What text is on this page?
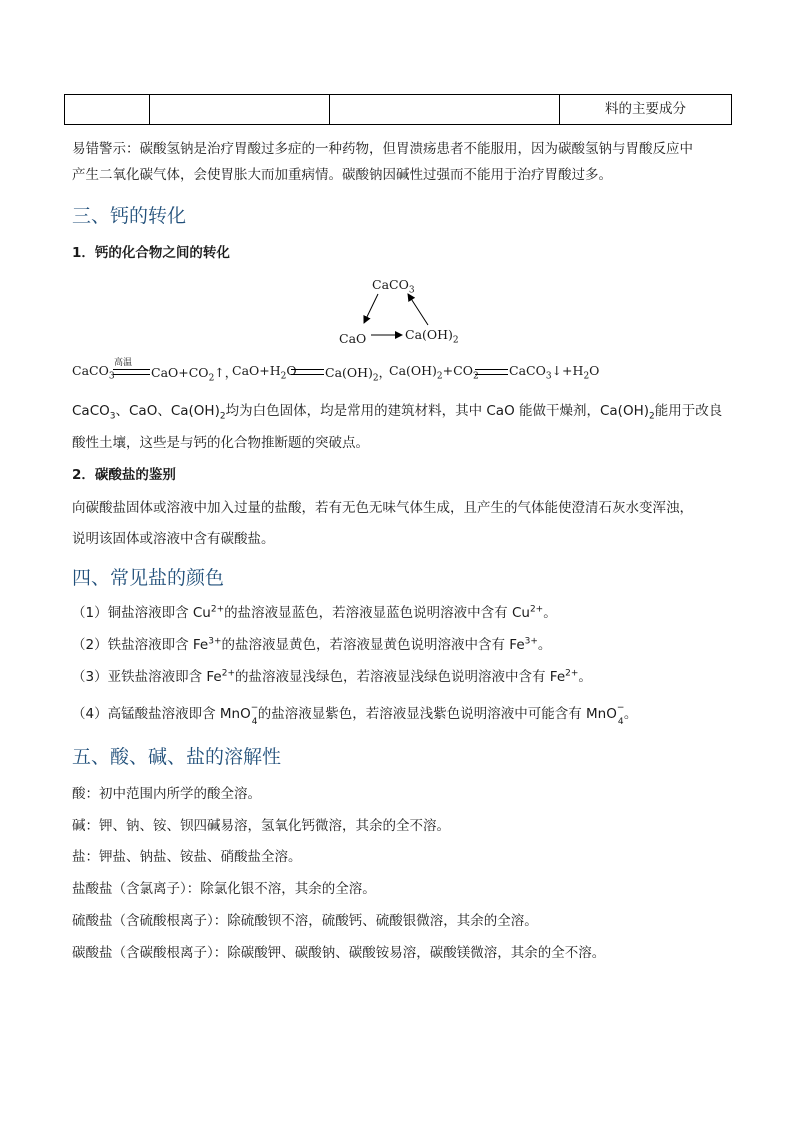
			料的主要成分
易错警示：碳酸氢钠是治疗胃酸过多症的一种药物，但胃溃疡患者不能服用，因为碳酸氢钠与胃酸反应中
产生二氧化碳气体，会使胃胀大而加重病情。碳酸钠因碱性过强而不能用于治疗胃酸过多。
三、钙的转化
1．钙的化合物之间的转化
CaCO$_3$
CaO	$Ca(OH)_2$
CaCO$_3$
高温
$CaO+CO_2↑$，
$CaO+H_2O$ $Ca(OH)_2$，
$Ca(OH)_2+CO_2$ $CaCO_3↓+H_2O$
CaCO$_3$、CaO、$Ca(OH)_2$均为白色固体，均是常用的建筑材料，其中 CaO 能做干燥剂，$Ca(OH)_2$能用于改良
酸性土壤，这些是与钙的化合物推断题的突破点。
2．碳酸盐的鉴别
向碳酸盐固体或溶液中加入过量的盐酸，若有无色无味气体生成，且产生的气体能使澄清石灰水变浑浊，
说明该固体或溶液中含有碳酸盐。
四、常见盐的颜色
（1）铜盐溶液即含 $Cu^{2+}$的盐溶液显蓝色，若溶液显蓝色说明溶液中含有 $Cu^{2+}$。
（2）铁盐溶液即含 $Fe^{3+}$的盐溶液显黄色，若溶液显黄色说明溶液中含有 $Fe^{3+}$。
（3）亚铁盐溶液即含 $Fe^{2+}$的盐溶液显浅绿色，若溶液显浅绿色说明溶液中含有 $Fe^{2+}$。
（4）高锰酸盐溶液即含 MnO −
4 的盐溶液显紫色，若溶液显浅紫色说明溶液中可能含有 MnO −
4 。
五、酸、碱、盐的溶解性
酸：初中范围内所学的酸全溶。
碱：钾、钠、铵、钡四碱易溶，氢氧化钙微溶，其余的全不溶。
盐：钾盐、钠盐、铵盐、硝酸盐全溶。
盐酸盐（含氯离子）：除氯化银不溶，其余的全溶。
硫酸盐（含硫酸根离子）：除硫酸钡不溶，硫酸钙、硫酸银微溶，其余的全溶。
碳酸盐（含碳酸根离子）：除碳酸钾、碳酸钠、碳酸铵易溶，碳酸镁微溶，其余的全不溶。
